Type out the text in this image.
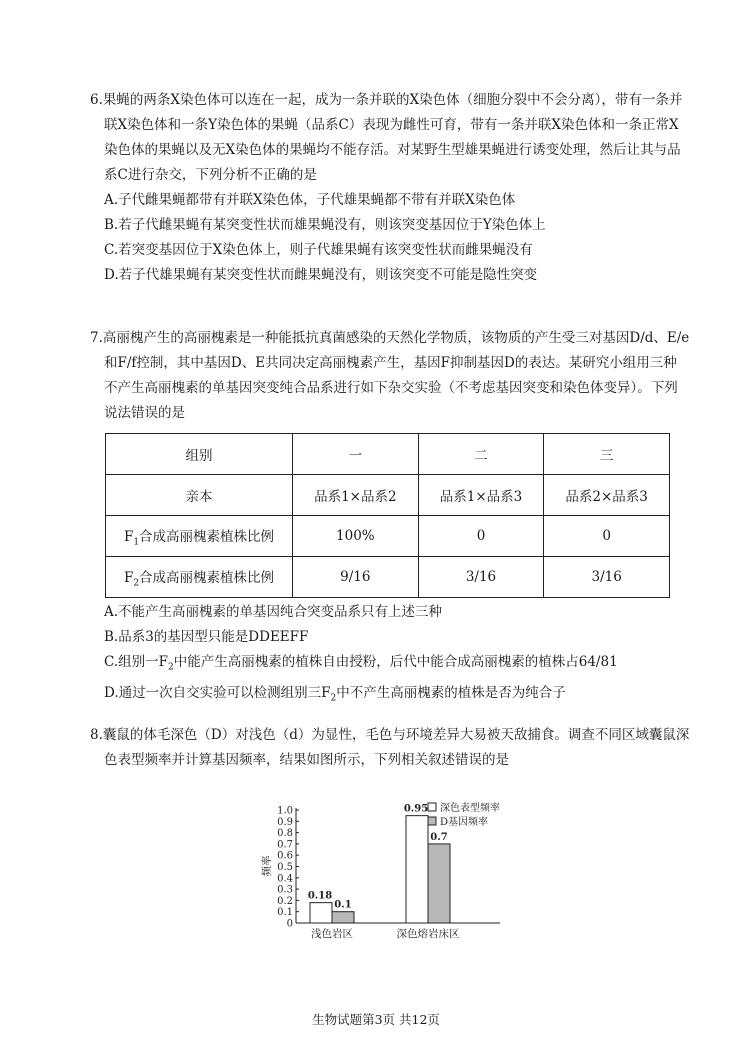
6.果蝇的两条X染色体可以连在一起，成为一条并联的X染色体（细胞分裂中不会分离），带有一条并联X染色体和一条Y染色体的果蝇（品系C）表现为雌性可育，带有一条并联X染色体和一条正常X染色体的果蝇以及无X染色体的果蝇均不能存活。对某野生型雄果蝇进行诱变处理，然后让其与品系C进行杂交，下列分析不正确的是

A.子代雌果蝇都带有并联X染色体，子代雄果蝇都不带有并联X染色体

B.若子代雌果蝇有某突变性状而雄果蝇没有，则该突变基因位于Y染色体上

C.若突变基因位于X染色体上，则子代雄果蝇有该突变性状而雌果蝇没有

D.若子代雄果蝇有某突变性状而雌果蝇没有，则该突变不可能是隐性突变

7.高丽槐产生的高丽槐素是一种能抵抗真菌感染的天然化学物质，该物质的产生受三对基因D/d、E/e和F/f控制，其中基因D、E共同决定高丽槐素产生，基因F抑制基因D的表达。某研究小组用三种不产生高丽槐素的单基因突变纯合品系进行如下杂交实验（不考虑基因突变和染色体变异）。下列说法错误的是

组别	一	二	三
亲本	品系1×品系2	品系1×品系3	品系2×品系3
$F_1$合成高丽槐素植株比例	100%	0	0
$F_2$合成高丽槐素植株比例	9/16	3/16	3/16

A.不能产生高丽槐素的单基因纯合突变品系只有上述三种

B.品系3的基因型只能是DDEEFF

C.组别一$F_2$中能产生高丽槐素的植株自由授粉，后代中能合成高丽槐素的植株占64/81

D.通过一次自交实验可以检测组别三$F_2$中不产生高丽槐素的植株是否为纯合子

8.囊鼠的体毛深色（D）对浅色（d）为显性，毛色与环境差异大易被天敌捕食。调查不同区域囊鼠深色表型频率并计算基因频率，结果如图所示，下列相关叙述错误的是

0
0.1
0.2
0.3
0.4
0.5
0.6
0.7
0.8
0.9
1.0
频率
0.18
0.1
浅色岩区
0.95
0.7
深色熔岩床区
深色表型频率
D基因频率
生物试题第3页 共12页
